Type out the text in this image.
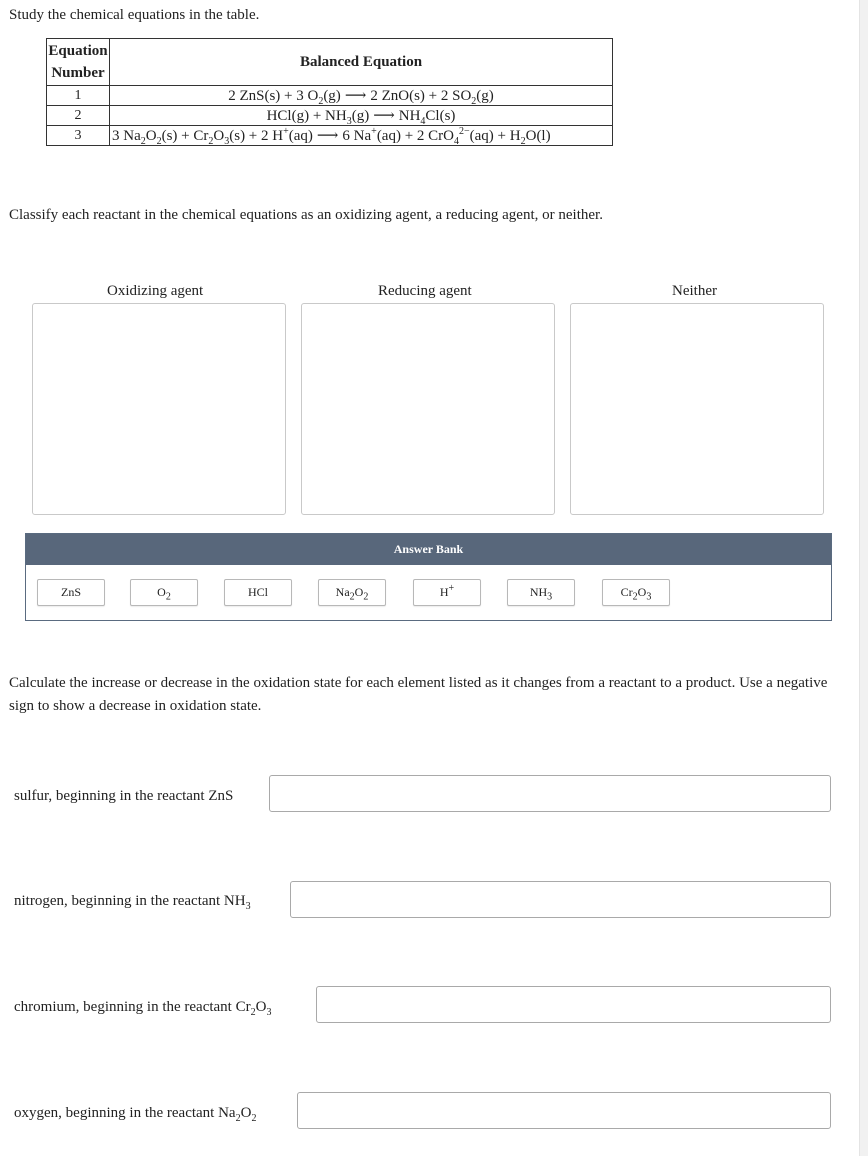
Study the chemical equations in the table.
Equation
Number	Balanced Equation
1	2 ZnS(s) + 3 $O_2(g)$ ⟶ 2 ZnO(s) + 2 $SO_2(g)$
2	$HCl(g) + NH_3(g)$ ⟶ $NH_4Cl(s)$
3	3 $Na_2O_2(s) + Cr_2O_3(s) + 2$ H+(aq) ⟶ 6 Na+(aq) + 2 $CrO_4^{2-}(aq) + H_2O(l)$
Classify each reactant in the chemical equations as an oxidizing agent, a reducing agent, or neither.
Oxidizing agent	Reducing agent	Neither
Answer Bank
ZnS	$O_2$	HCl	$Na_2O_2$	H+	$NH_3$	$Cr_2O_3$
Calculate the increase or decrease in the oxidation state for each element listed as it changes from a reactant to a product. Use a negative sign to show a decrease in oxidation state.
sulfur, beginning in the reactant ZnS
nitrogen, beginning in the reactant $NH_3$
chromium, beginning in the reactant $Cr_2O_3$
oxygen, beginning in the reactant $Na_2O_2$
